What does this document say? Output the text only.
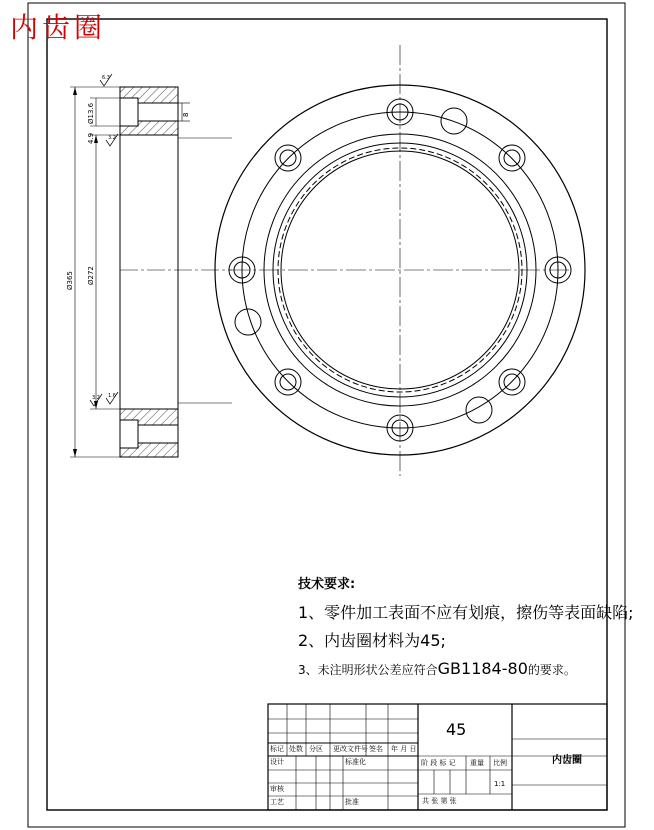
Ø365 Ø272
Ø13.6
4.9
8
6.3
3.2
1.6
3.2
内齿圈
技术要求:
1、零件加工表面不应有划痕，擦伤等表面缺陷;
2、内齿圈材料为45;
3、未注明形状公差应符合GB1184-80的要求。
45
内齿圈
标记 处数 分区 更改文件号 签名 年 月 日
设计	标准化
审核
工艺	批准
阶 段 标 记 重量 比例
1:1
共 张 第 张
